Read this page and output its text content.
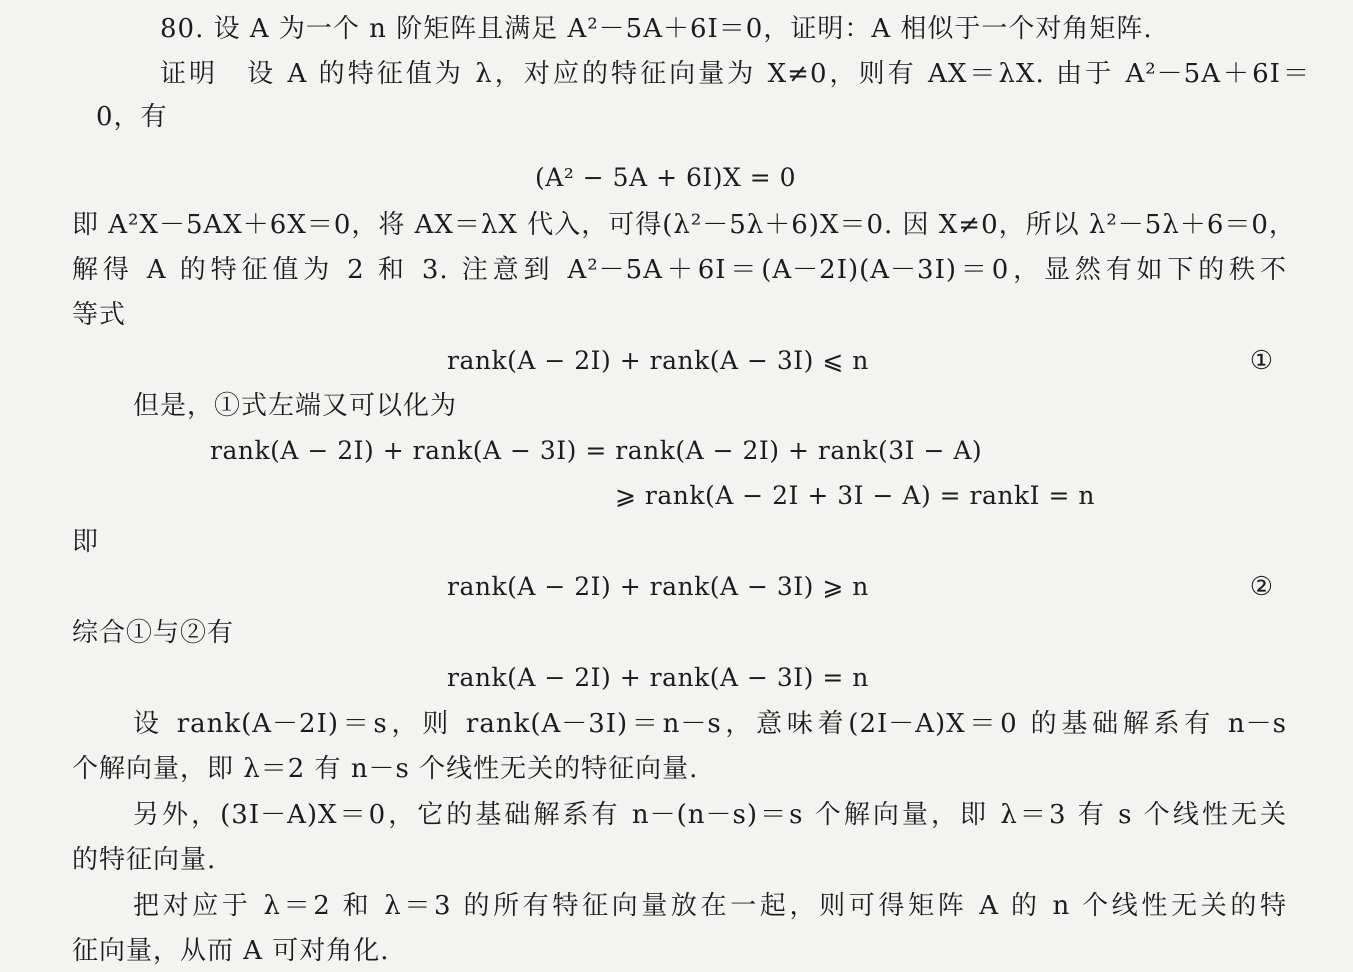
80. 设 A 为一个 n 阶矩阵且满足 A²－5A＋6I＝0，证明：A 相似于一个对角矩阵.
证明　设 A 的特征值为 λ，对应的特征向量为 X≠0，则有 AX＝λX. 由于 A²－5A＋6I＝
0，有
(A² − 5A + 6I)X = 0
即 A²X－5AX＋6X＝0，将 AX＝λX 代入，可得(λ²－5λ＋6)X＝0. 因 X≠0，所以 λ²－5λ＋6＝0，
解得 A 的特征值为 2 和 3. 注意到 A²－5A＋6I＝(A－2I)(A－3I)＝0，显然有如下的秩不
等式
rank(A − 2I) + rank(A − 3I) ⩽ n	①
但是，①式左端又可以化为
rank(A − 2I) + rank(A − 3I) = rank(A − 2I) + rank(3I − A)
⩾ rank(A − 2I + 3I − A) = rankI = n
即
rank(A − 2I) + rank(A − 3I) ⩾ n	②
综合①与②有
rank(A − 2I) + rank(A − 3I) = n
设 rank(A－2I)＝s，则 rank(A－3I)＝n－s，意味着(2I－A)X＝0 的基础解系有 n－s
个解向量，即 λ＝2 有 n－s 个线性无关的特征向量.
另外，(3I－A)X＝0，它的基础解系有 n－(n－s)＝s 个解向量，即 λ＝3 有 s 个线性无关
的特征向量.
把对应于 λ＝2 和 λ＝3 的所有特征向量放在一起，则可得矩阵 A 的 n 个线性无关的特
征向量，从而 A 可对角化.
